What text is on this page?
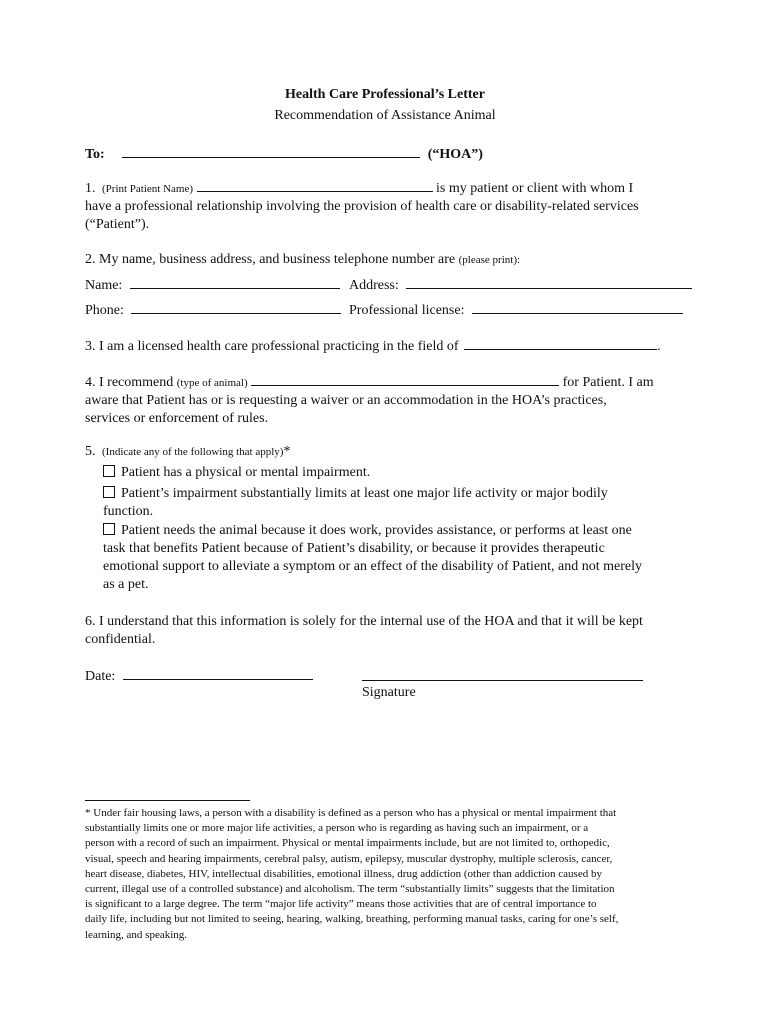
Health Care Professional’s Letter
Recommendation of Assistance Animal
To:	(“HOA”)
1. (Print Patient Name)	is my patient or client with whom I
have a professional relationship involving the provision of health care or disability-related services
(“Patient”).
2. My name, business address, and business telephone number are (please print):
Name:	Address:
Phone:	Professional license:
3. I am a licensed health care professional practicing in the field of	.
4. I recommend (type of animal)	for Patient. I am
aware that Patient has or is requesting a waiver or an accommodation in the HOA’s practices,
services or enforcement of rules.
5. (Indicate any of the following that apply)*
Patient has a physical or mental impairment.
Patient’s impairment substantially limits at least one major life activity or major bodily
function.
Patient needs the animal because it does work, provides assistance, or performs at least one
task that benefits Patient because of Patient’s disability, or because it provides therapeutic
emotional support to alleviate a symptom or an effect of the disability of Patient, and not merely
as a pet.
6. I understand that this information is solely for the internal use of the HOA and that it will be kept
confidential.
Date:
Signature
* Under fair housing laws, a person with a disability is defined as a person who has a physical or mental impairment that
substantially limits one or more major life activities, a person who is regarding as having such an impairment, or a
person with a record of such an impairment. Physical or mental impairments include, but are not limited to, orthopedic,
visual, speech and hearing impairments, cerebral palsy, autism, epilepsy, muscular dystrophy, multiple sclerosis, cancer,
heart disease, diabetes, HIV, intellectual disabilities, emotional illness, drug addiction (other than addiction caused by
current, illegal use of a controlled substance) and alcoholism. The term “substantially limits” suggests that the limitation
is significant to a large degree. The term “major life activity” means those activities that are of central importance to
daily life, including but not limited to seeing, hearing, walking, breathing, performing manual tasks, caring for one’s self,
learning, and speaking.
